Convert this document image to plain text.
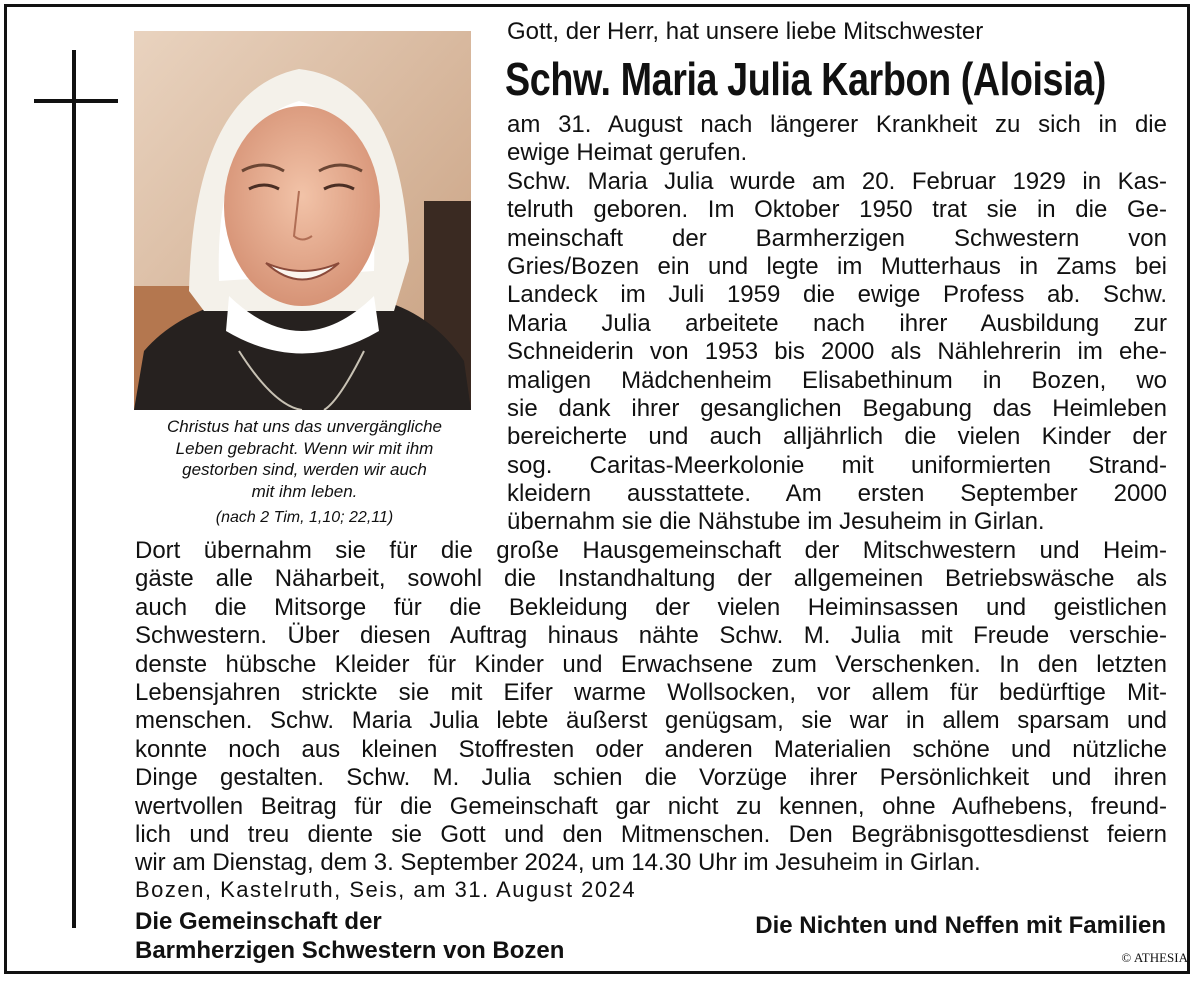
Christus hat uns das unvergängliche
Leben gebracht. Wenn wir mit ihm
gestorben sind, werden wir auch
mit ihm leben.
(nach 2 Tim, 1,10; 22,11)
Gott, der Herr, hat unsere liebe Mitschwester
Schw. Maria Julia Karbon (Aloisia)
am 31. August nach längerer Krankheit zu sich in die
ewige Heimat gerufen.
Schw. Maria Julia wurde am 20. Februar 1929 in Kas-
telruth geboren. Im Oktober 1950 trat sie in die Ge-
meinschaft der Barmherzigen Schwestern von
Gries/Bozen ein und legte im Mutterhaus in Zams bei
Landeck im Juli 1959 die ewige Profess ab. Schw.
Maria Julia arbeitete nach ihrer Ausbildung zur
Schneiderin von 1953 bis 2000 als Nählehrerin im ehe-
maligen Mädchenheim Elisabethinum in Bozen, wo
sie dank ihrer gesanglichen Begabung das Heimleben
bereicherte und auch alljährlich die vielen Kinder der
sog. Caritas-Meerkolonie mit uniformierten Strand-
kleidern ausstattete. Am ersten September 2000
übernahm sie die Nähstube im Jesuheim in Girlan.
Dort übernahm sie für die große Hausgemeinschaft der Mitschwestern und Heim-
gäste alle Näharbeit, sowohl die Instandhaltung der allgemeinen Betriebswäsche als
auch die Mitsorge für die Bekleidung der vielen Heiminsassen und geistlichen
Schwestern. Über diesen Auftrag hinaus nähte Schw. M. Julia mit Freude verschie-
denste hübsche Kleider für Kinder und Erwachsene zum Verschenken. In den letzten
Lebensjahren strickte sie mit Eifer warme Wollsocken, vor allem für bedürftige Mit-
menschen. Schw. Maria Julia lebte äußerst genügsam, sie war in allem sparsam und
konnte noch aus kleinen Stoffresten oder anderen Materialien schöne und nützliche
Dinge gestalten. Schw. M. Julia schien die Vorzüge ihrer Persönlichkeit und ihren
wertvollen Beitrag für die Gemeinschaft gar nicht zu kennen, ohne Aufhebens, freund-
lich und treu diente sie Gott und den Mitmenschen. Den Begräbnisgottesdienst feiern
wir am Dienstag, dem 3. September 2024, um 14.30 Uhr im Jesuheim in Girlan.
Bozen, Kastelruth, Seis, am 31. August 2024
Die Gemeinschaft der
Barmherzigen Schwestern von Bozen
Die Nichten und Neffen mit Familien
© ATHESIA
